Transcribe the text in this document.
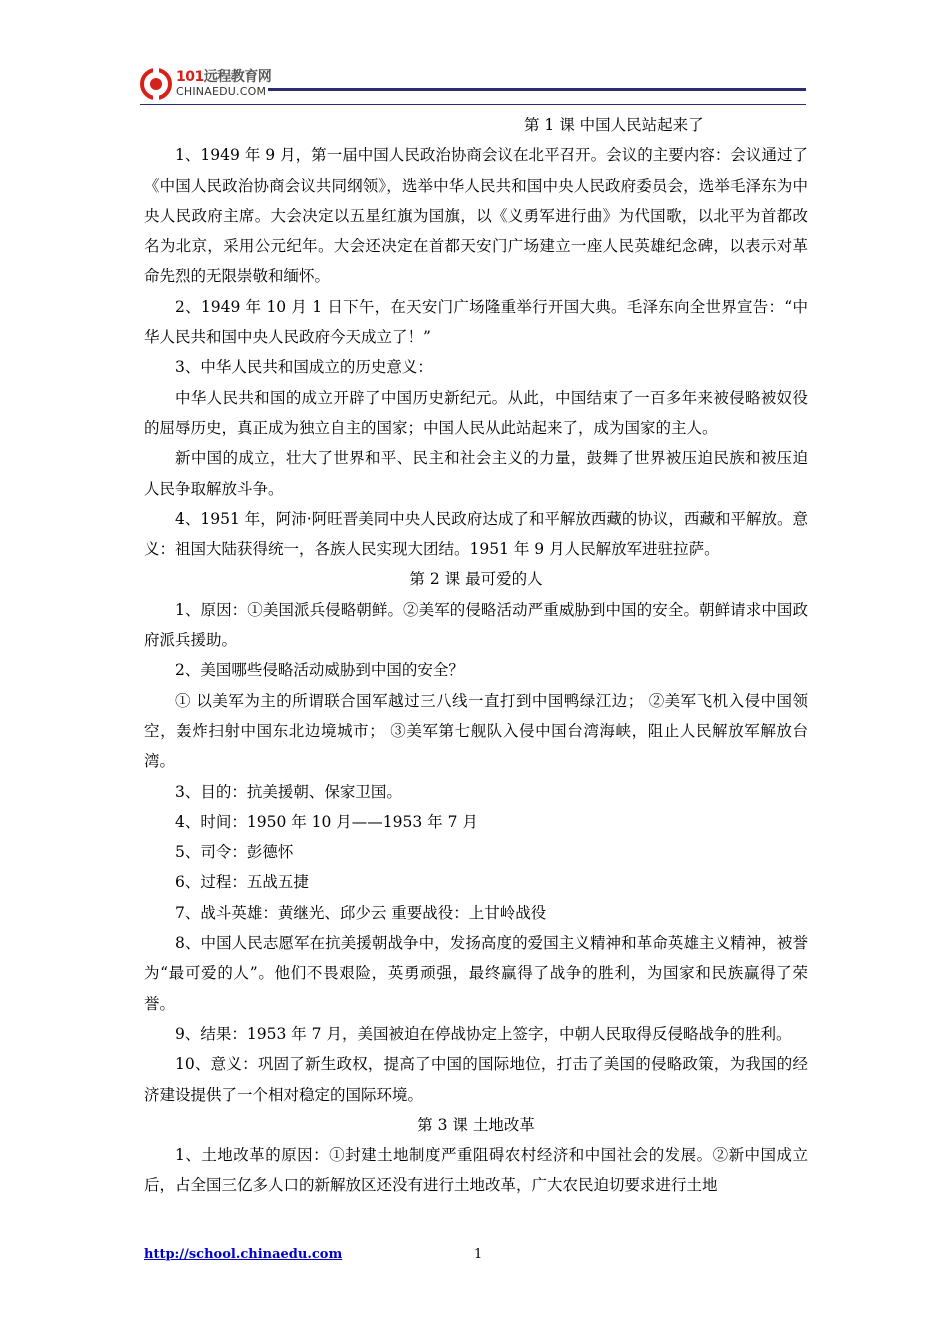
101远程教育网
CHINAEDU.COM

第 1 课 中国人民站起来了

1、1949 年 9 月，第一届中国人民政治协商会议在北平召开。会议的主要内容：会议通过了《中国人民政治协商会议共同纲领》，选举中华人民共和国中央人民政府委员会，选举毛泽东为中央人民政府主席。大会决定以五星红旗为国旗，以《义勇军进行曲》为代国歌，以北平为首都改名为北京，采用公元纪年。大会还决定在首都天安门广场建立一座人民英雄纪念碑，以表示对革命先烈的无限崇敬和缅怀。

2、1949 年 10 月 1 日下午，在天安门广场隆重举行开国大典。毛泽东向全世界宣告：“中华人民共和国中央人民政府今天成立了！”

3、中华人民共和国成立的历史意义：

中华人民共和国的成立开辟了中国历史新纪元。从此，中国结束了一百多年来被侵略被奴役的屈辱历史，真正成为独立自主的国家；中国人民从此站起来了，成为国家的主人。

新中国的成立，壮大了世界和平、民主和社会主义的力量，鼓舞了世界被压迫民族和被压迫人民争取解放斗争。

4、1951 年，阿沛·阿旺晋美同中央人民政府达成了和平解放西藏的协议，西藏和平解放。意义：祖国大陆获得统一，各族人民实现大团结。1951 年 9 月人民解放军进驻拉萨。

第 2 课 最可爱的人

1、原因：①美国派兵侵略朝鲜。②美军的侵略活动严重威胁到中国的安全。朝鲜请求中国政府派兵援助。

2、美国哪些侵略活动威胁到中国的安全？

① 以美军为主的所谓联合国军越过三八线一直打到中国鸭绿江边； ②美军飞机入侵中国领空，轰炸扫射中国东北边境城市； ③美军第七舰队入侵中国台湾海峡，阻止人民解放军解放台湾。

3、目的：抗美援朝、保家卫国。

4、时间：1950 年 10 月——1953 年 7 月

5、司令：彭德怀

6、过程：五战五捷

7、战斗英雄：黄继光、邱少云 重要战役：上甘岭战役

8、中国人民志愿军在抗美援朝战争中，发扬高度的爱国主义精神和革命英雄主义精神，被誉为“最可爱的人”。他们不畏艰险，英勇顽强，最终赢得了战争的胜利，为国家和民族赢得了荣誉。

9、结果：1953 年 7 月，美国被迫在停战协定上签字，中朝人民取得反侵略战争的胜利。

10、意义：巩固了新生政权，提高了中国的国际地位，打击了美国的侵略政策，为我国的经济建设提供了一个相对稳定的国际环境。

第 3 课 土地改革

1、土地改革的原因：①封建土地制度严重阻碍农村经济和中国社会的发展。②新中国成立后，占全国三亿多人口的新解放区还没有进行土地改革，广大农民迫切要求进行土地

http://school.chinaedu.com	1
